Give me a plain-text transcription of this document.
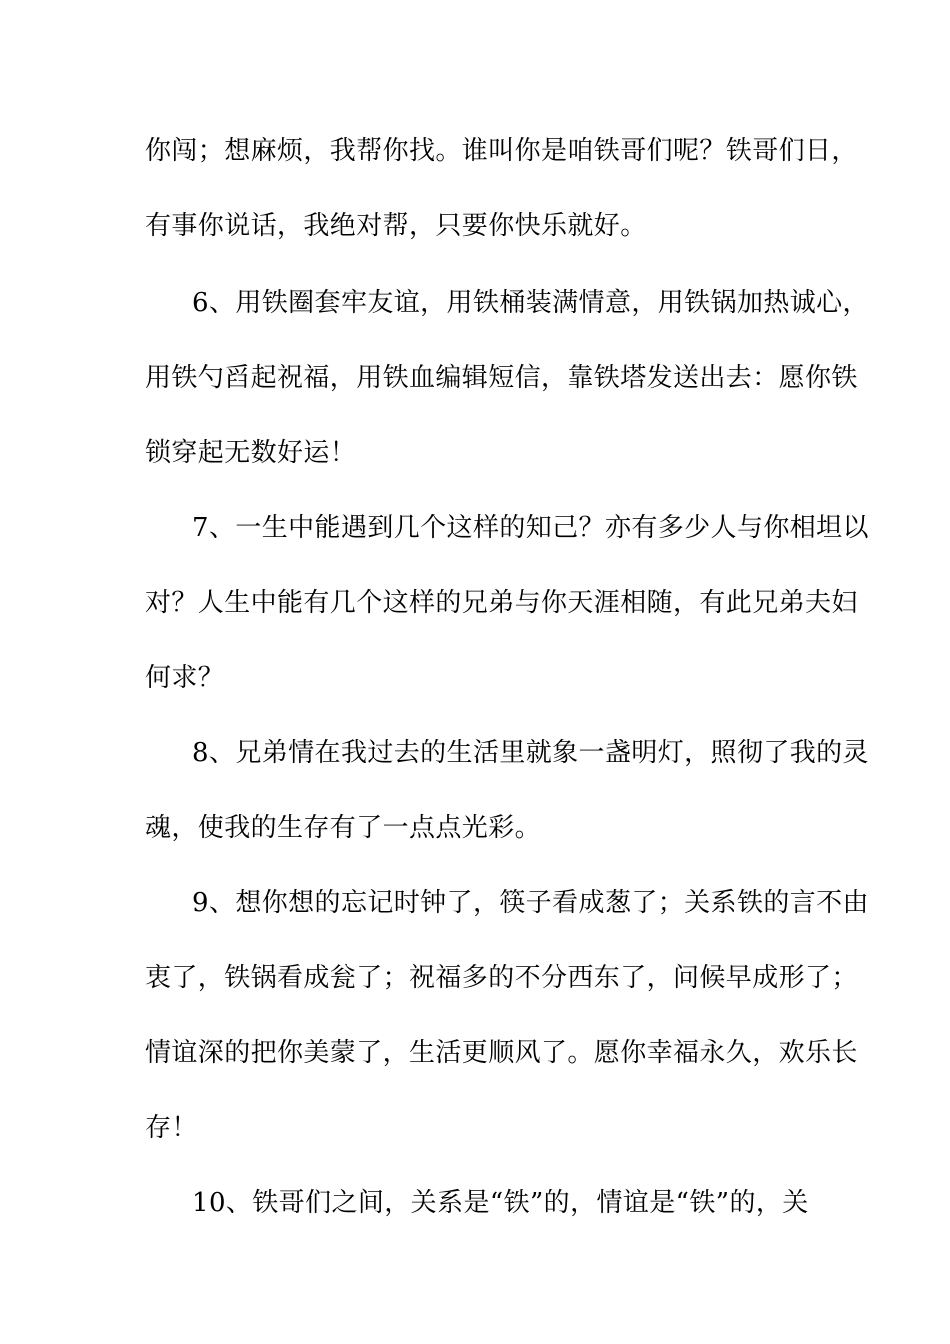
你闯；想麻烦，我帮你找。谁叫你是咱铁哥们呢？铁哥们日，
有事你说话，我绝对帮，只要你快乐就好。
6、用铁圈套牢友谊，用铁桶装满情意，用铁锅加热诚心，
用铁勺舀起祝福，用铁血编辑短信，靠铁塔发送出去：愿你铁
锁穿起无数好运！
7、一生中能遇到几个这样的知己？亦有多少人与你相坦以
对？人生中能有几个这样的兄弟与你天涯相随，有此兄弟夫妇
何求？
8、兄弟情在我过去的生活里就象一盏明灯，照彻了我的灵
魂，使我的生存有了一点点光彩。
9、想你想的忘记时钟了，筷子看成葱了；关系铁的言不由
衷了，铁锅看成瓮了；祝福多的不分西东了，问候早成形了；
情谊深的把你美蒙了，生活更顺风了。愿你幸福永久，欢乐长
存！
10、铁哥们之间，关系是“铁”的，情谊是“铁”的，关
